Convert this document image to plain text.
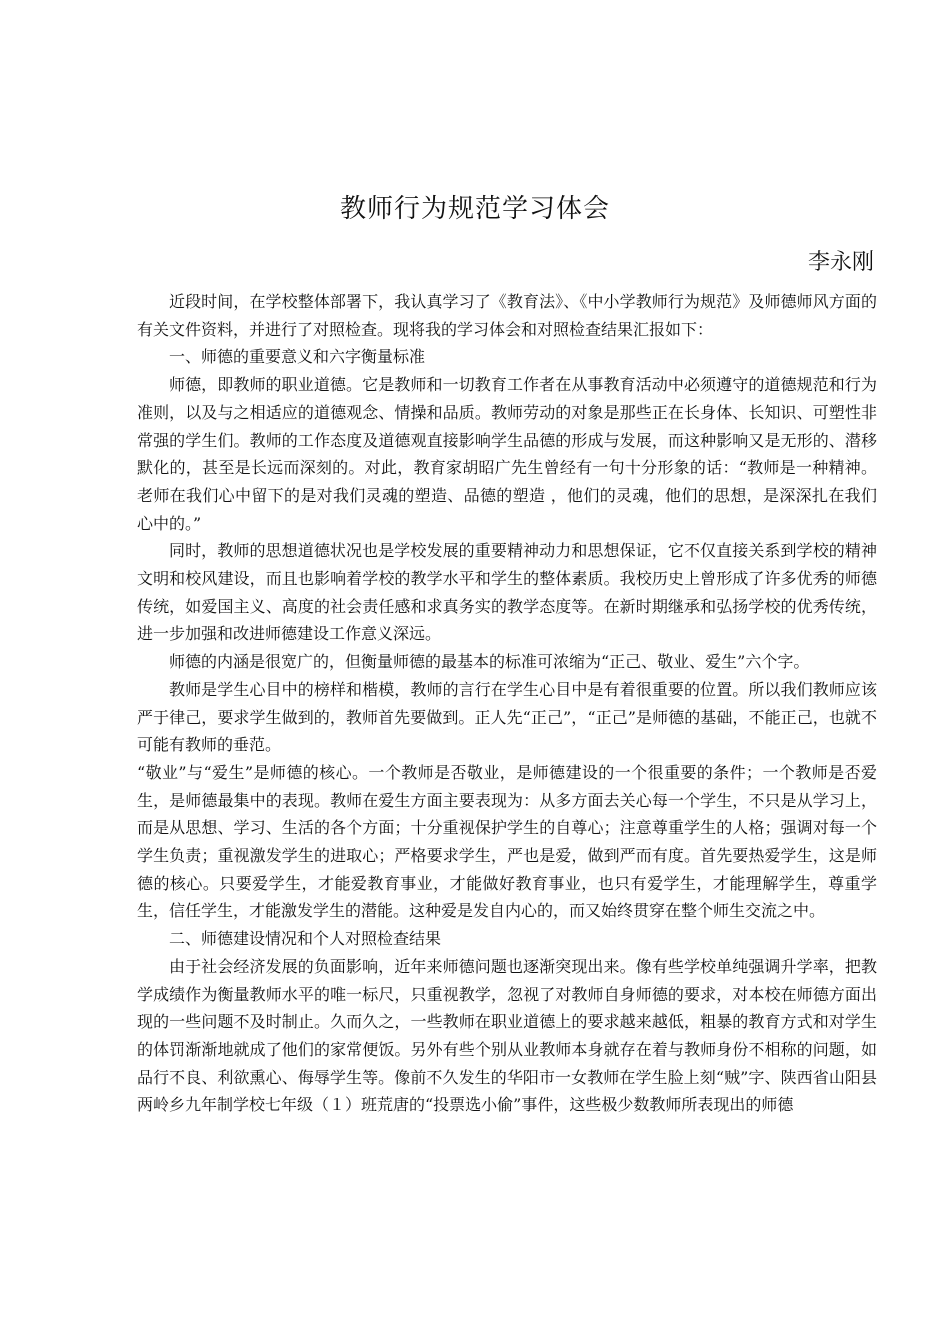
教师行为规范学习体会
李永刚

近段时间，在学校整体部署下，我认真学习了《教育法》、《中小学教师行为规范》及师德师风方面的有关文件资料，并进行了对照检查。现将我的学习体会和对照检查结果汇报如下：

一、师德的重要意义和六字衡量标准

师德，即教师的职业道德。它是教师和一切教育工作者在从事教育活动中必须遵守的道德规范和行为准则，以及与之相适应的道德观念、情操和品质。教师劳动的对象是那些正在长身体、长知识、可塑性非常强的学生们。教师的工作态度及道德观直接影响学生品德的形成与发展，而这种影响又是无形的、潜移默化的，甚至是长远而深刻的。对此，教育家胡昭广先生曾经有一句十分形象的话：“教师是一种精神。老师在我们心中留下的是对我们灵魂的塑造、品德的塑造 ，他们的灵魂，他们的思想，是深深扎在我们心中的。”

同时，教师的思想道德状况也是学校发展的重要精神动力和思想保证，它不仅直接关系到学校的精神文明和校风建设，而且也影响着学校的教学水平和学生的整体素质。我校历史上曾形成了许多优秀的师德传统，如爱国主义、高度的社会责任感和求真务实的教学态度等。在新时期继承和弘扬学校的优秀传统，进一步加强和改进师德建设工作意义深远。

师德的内涵是很宽广的，但衡量师德的最基本的标准可浓缩为“正己、敬业、爱生”六个字。

教师是学生心目中的榜样和楷模，教师的言行在学生心目中是有着很重要的位置。所以我们教师应该严于律己，要求学生做到的，教师首先要做到。正人先“正己”，“正己”是师德的基础，不能正己，也就不可能有教师的垂范。

“敬业”与“爱生”是师德的核心。一个教师是否敬业，是师德建设的一个很重要的条件；一个教师是否爱生，是师德最集中的表现。教师在爱生方面主要表现为：从多方面去关心每一个学生，不只是从学习上，而是从思想、学习、生活的各个方面；十分重视保护学生的自尊心；注意尊重学生的人格；强调对每一个学生负责；重视激发学生的进取心；严格要求学生，严也是爱，做到严而有度。首先要热爱学生，这是师德的核心。只要爱学生，才能爱教育事业，才能做好教育事业，也只有爱学生，才能理解学生，尊重学生，信任学生，才能激发学生的潜能。这种爱是发自内心的，而又始终贯穿在整个师生交流之中。

二、师德建设情况和个人对照检查结果

由于社会经济发展的负面影响，近年来师德问题也逐渐突现出来。像有些学校单纯强调升学率，把教学成绩作为衡量教师水平的唯一标尺，只重视教学，忽视了对教师自身师德的要求，对本校在师德方面出现的一些问题不及时制止。久而久之，一些教师在职业道德上的要求越来越低，粗暴的教育方式和对学生的体罚渐渐地就成了他们的家常便饭。另外有些个别从业教师本身就存在着与教师身份不相称的问题，如品行不良、利欲熏心、侮辱学生等。像前不久发生的华阳市一女教师在学生脸上刻“贼”字、陕西省山阳县两岭乡九年制学校七年级（１）班荒唐的“投票选小偷”事件，这些极少数教师所表现出的师德
